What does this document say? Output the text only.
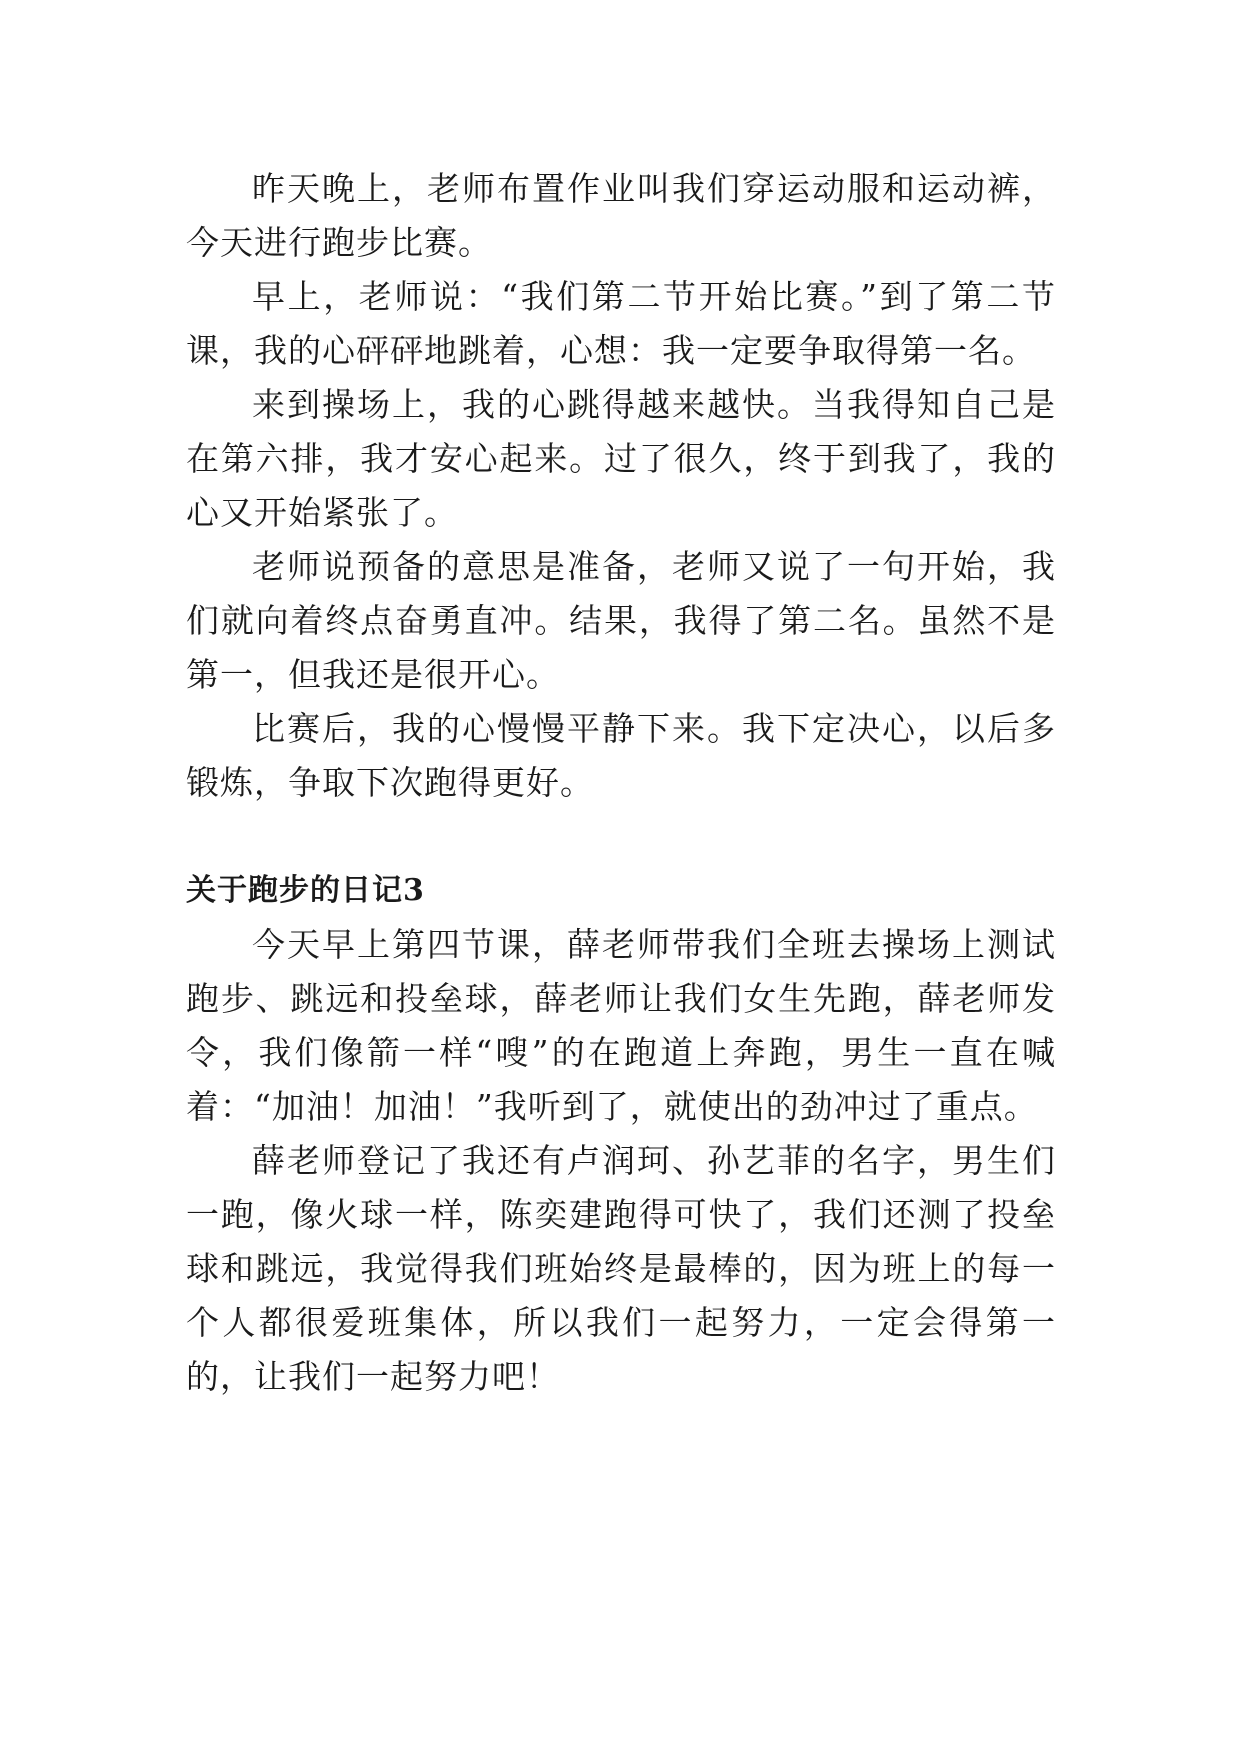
昨天晚上，老师布置作业叫我们穿运动服和运动裤，今天进行跑步比赛。

早上，老师说：“我们第二节开始比赛。”到了第二节课，我的心砰砰地跳着，心想：我一定要争取得第一名。

来到操场上，我的心跳得越来越快。当我得知自己是在第六排，我才安心起来。过了很久，终于到我了，我的心又开始紧张了。

老师说预备的意思是准备，老师又说了一句开始，我们就向着终点奋勇直冲。结果，我得了第二名。虽然不是第一，但我还是很开心。

比赛后，我的心慢慢平静下来。我下定决心，以后多锻炼，争取下次跑得更好。

关于跑步的日记3

今天早上第四节课，薛老师带我们全班去操场上测试跑步、跳远和投垒球，薛老师让我们女生先跑，薛老师发令，我们像箭一样“嗖”的在跑道上奔跑，男生一直在喊着：“加油！加油！”我听到了，就使出的劲冲过了重点。

薛老师登记了我还有卢润珂、孙艺菲的名字，男生们一跑，像火球一样，陈奕建跑得可快了，我们还测了投垒球和跳远，我觉得我们班始终是最棒的，因为班上的每一个人都很爱班集体，所以我们一起努力，一定会得第一的，让我们一起努力吧！
